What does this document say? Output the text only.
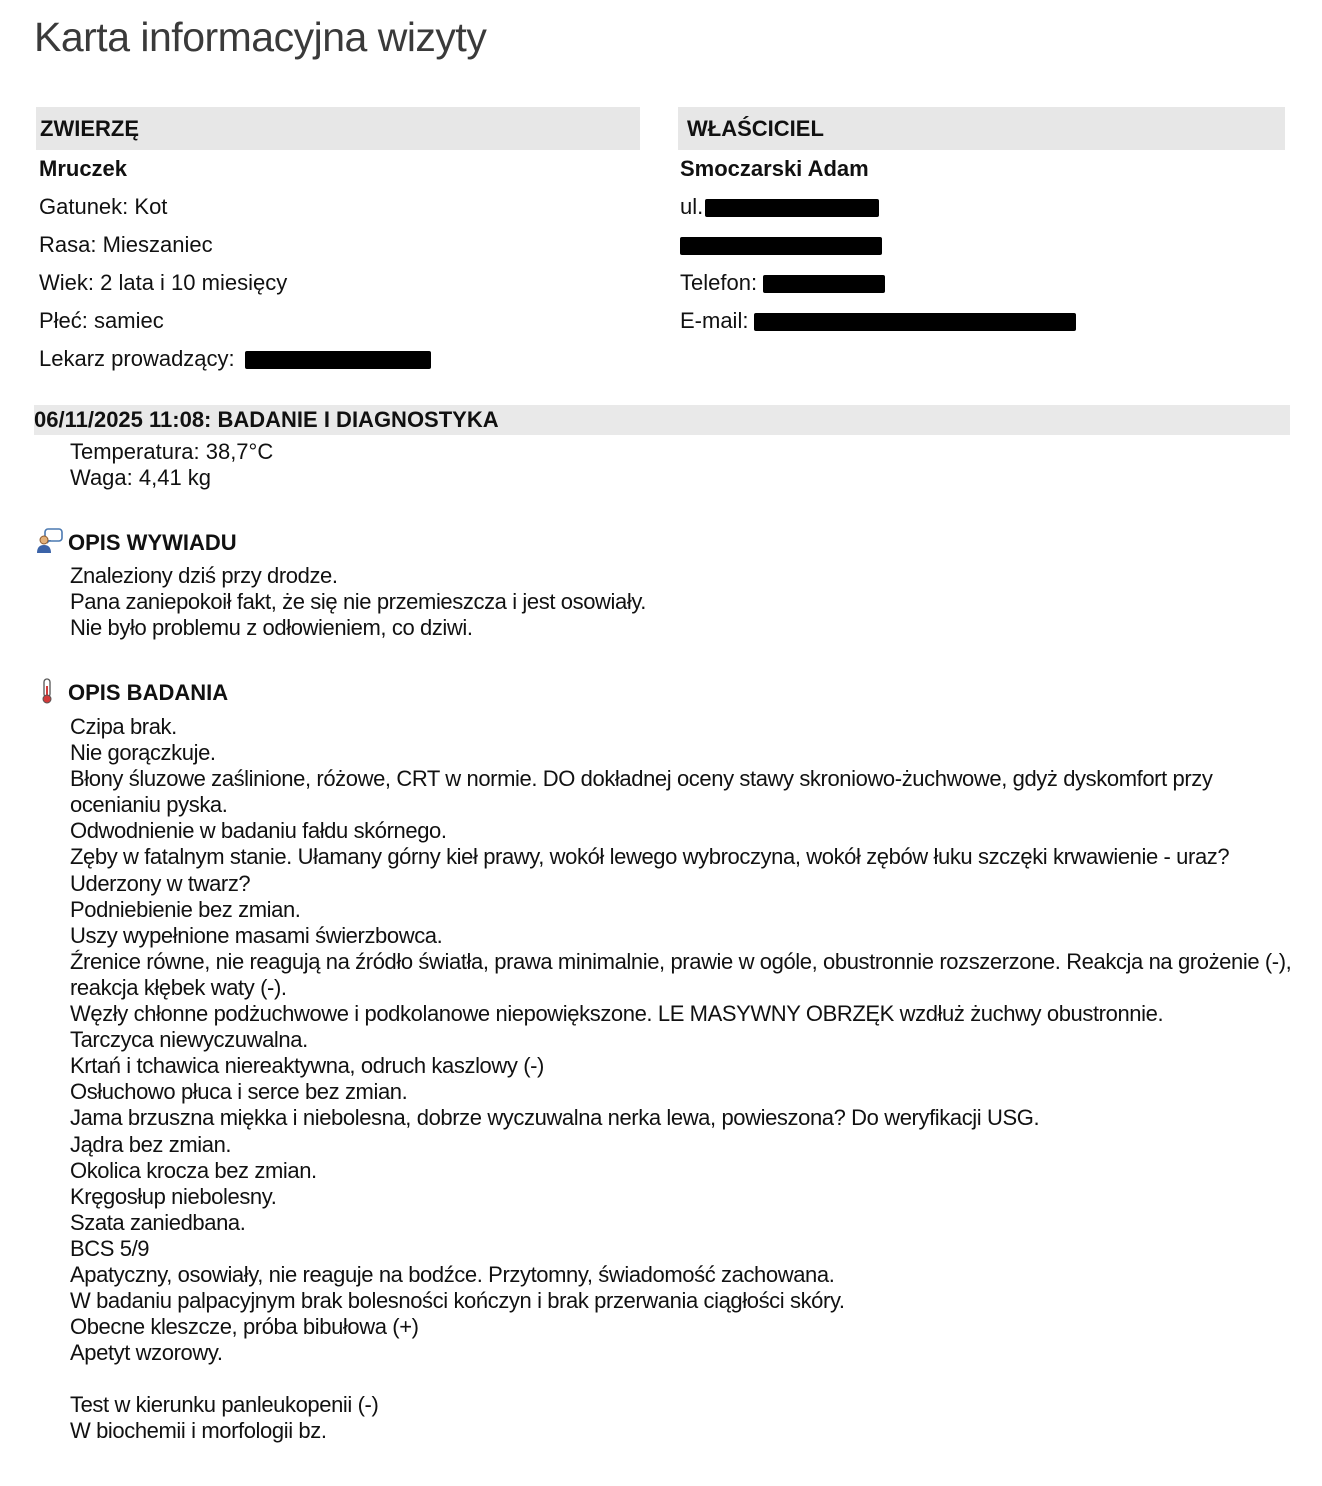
Karta informacyjna wizyty
ZWIERZĘ
Mruczek
Gatunek: Kot
Rasa: Mieszaniec
Wiek: 2 lata i 10 miesięcy
Płeć: samiec
Lekarz prowadzący:
WŁAŚCICIEL
Smoczarski Adam
ul.
Telefon:
E-mail:
06/11/2025 11:08: BADANIE I DIAGNOSTYKA
Temperatura: 38,7°C
Waga: 4,41 kg
OPIS WYWIADU
Znaleziony dziś przy drodze.
Pana zaniepokoił fakt, że się nie przemieszcza i jest osowiały.
Nie było problemu z odłowieniem, co dziwi.
OPIS BADANIA
Czipa brak.
Nie gorączkuje.
Błony śluzowe zaślinione, różowe, CRT w normie. DO dokładnej oceny stawy skroniowo-żuchwowe, gdyż dyskomfort przy ocenianiu pyska.
Odwodnienie w badaniu fałdu skórnego.
Zęby w fatalnym stanie. Ułamany górny kieł prawy, wokół lewego wybroczyna, wokół zębów łuku szczęki krwawienie - uraz? Uderzony w twarz?
Podniebienie bez zmian.
Uszy wypełnione masami świerzbowca.
Źrenice równe, nie reagują na źródło światła, prawa minimalnie, prawie w ogóle, obustronnie rozszerzone. Reakcja na grożenie (-), reakcja kłębek waty (-).
Węzły chłonne podżuchwowe i podkolanowe niepowiększone. LE MASYWNY OBRZĘK wzdłuż żuchwy obustronnie.
Tarczyca niewyczuwalna.
Krtań i tchawica niereaktywna, odruch kaszlowy (-)
Osłuchowo płuca i serce bez zmian.
Jama brzuszna miękka i niebolesna, dobrze wyczuwalna nerka lewa, powieszona? Do weryfikacji USG.
Jądra bez zmian.
Okolica krocza bez zmian.
Kręgosłup niebolesny.
Szata zaniedbana.
BCS 5/9
Apatyczny, osowiały, nie reaguje na bodźce. Przytomny, świadomość zachowana.
W badaniu palpacyjnym brak bolesności kończyn i brak przerwania ciągłości skóry.
Obecne kleszcze, próba bibułowa (+)
Apetyt wzorowy.
Test w kierunku panleukopenii (-)
W biochemii i morfologii bz.
